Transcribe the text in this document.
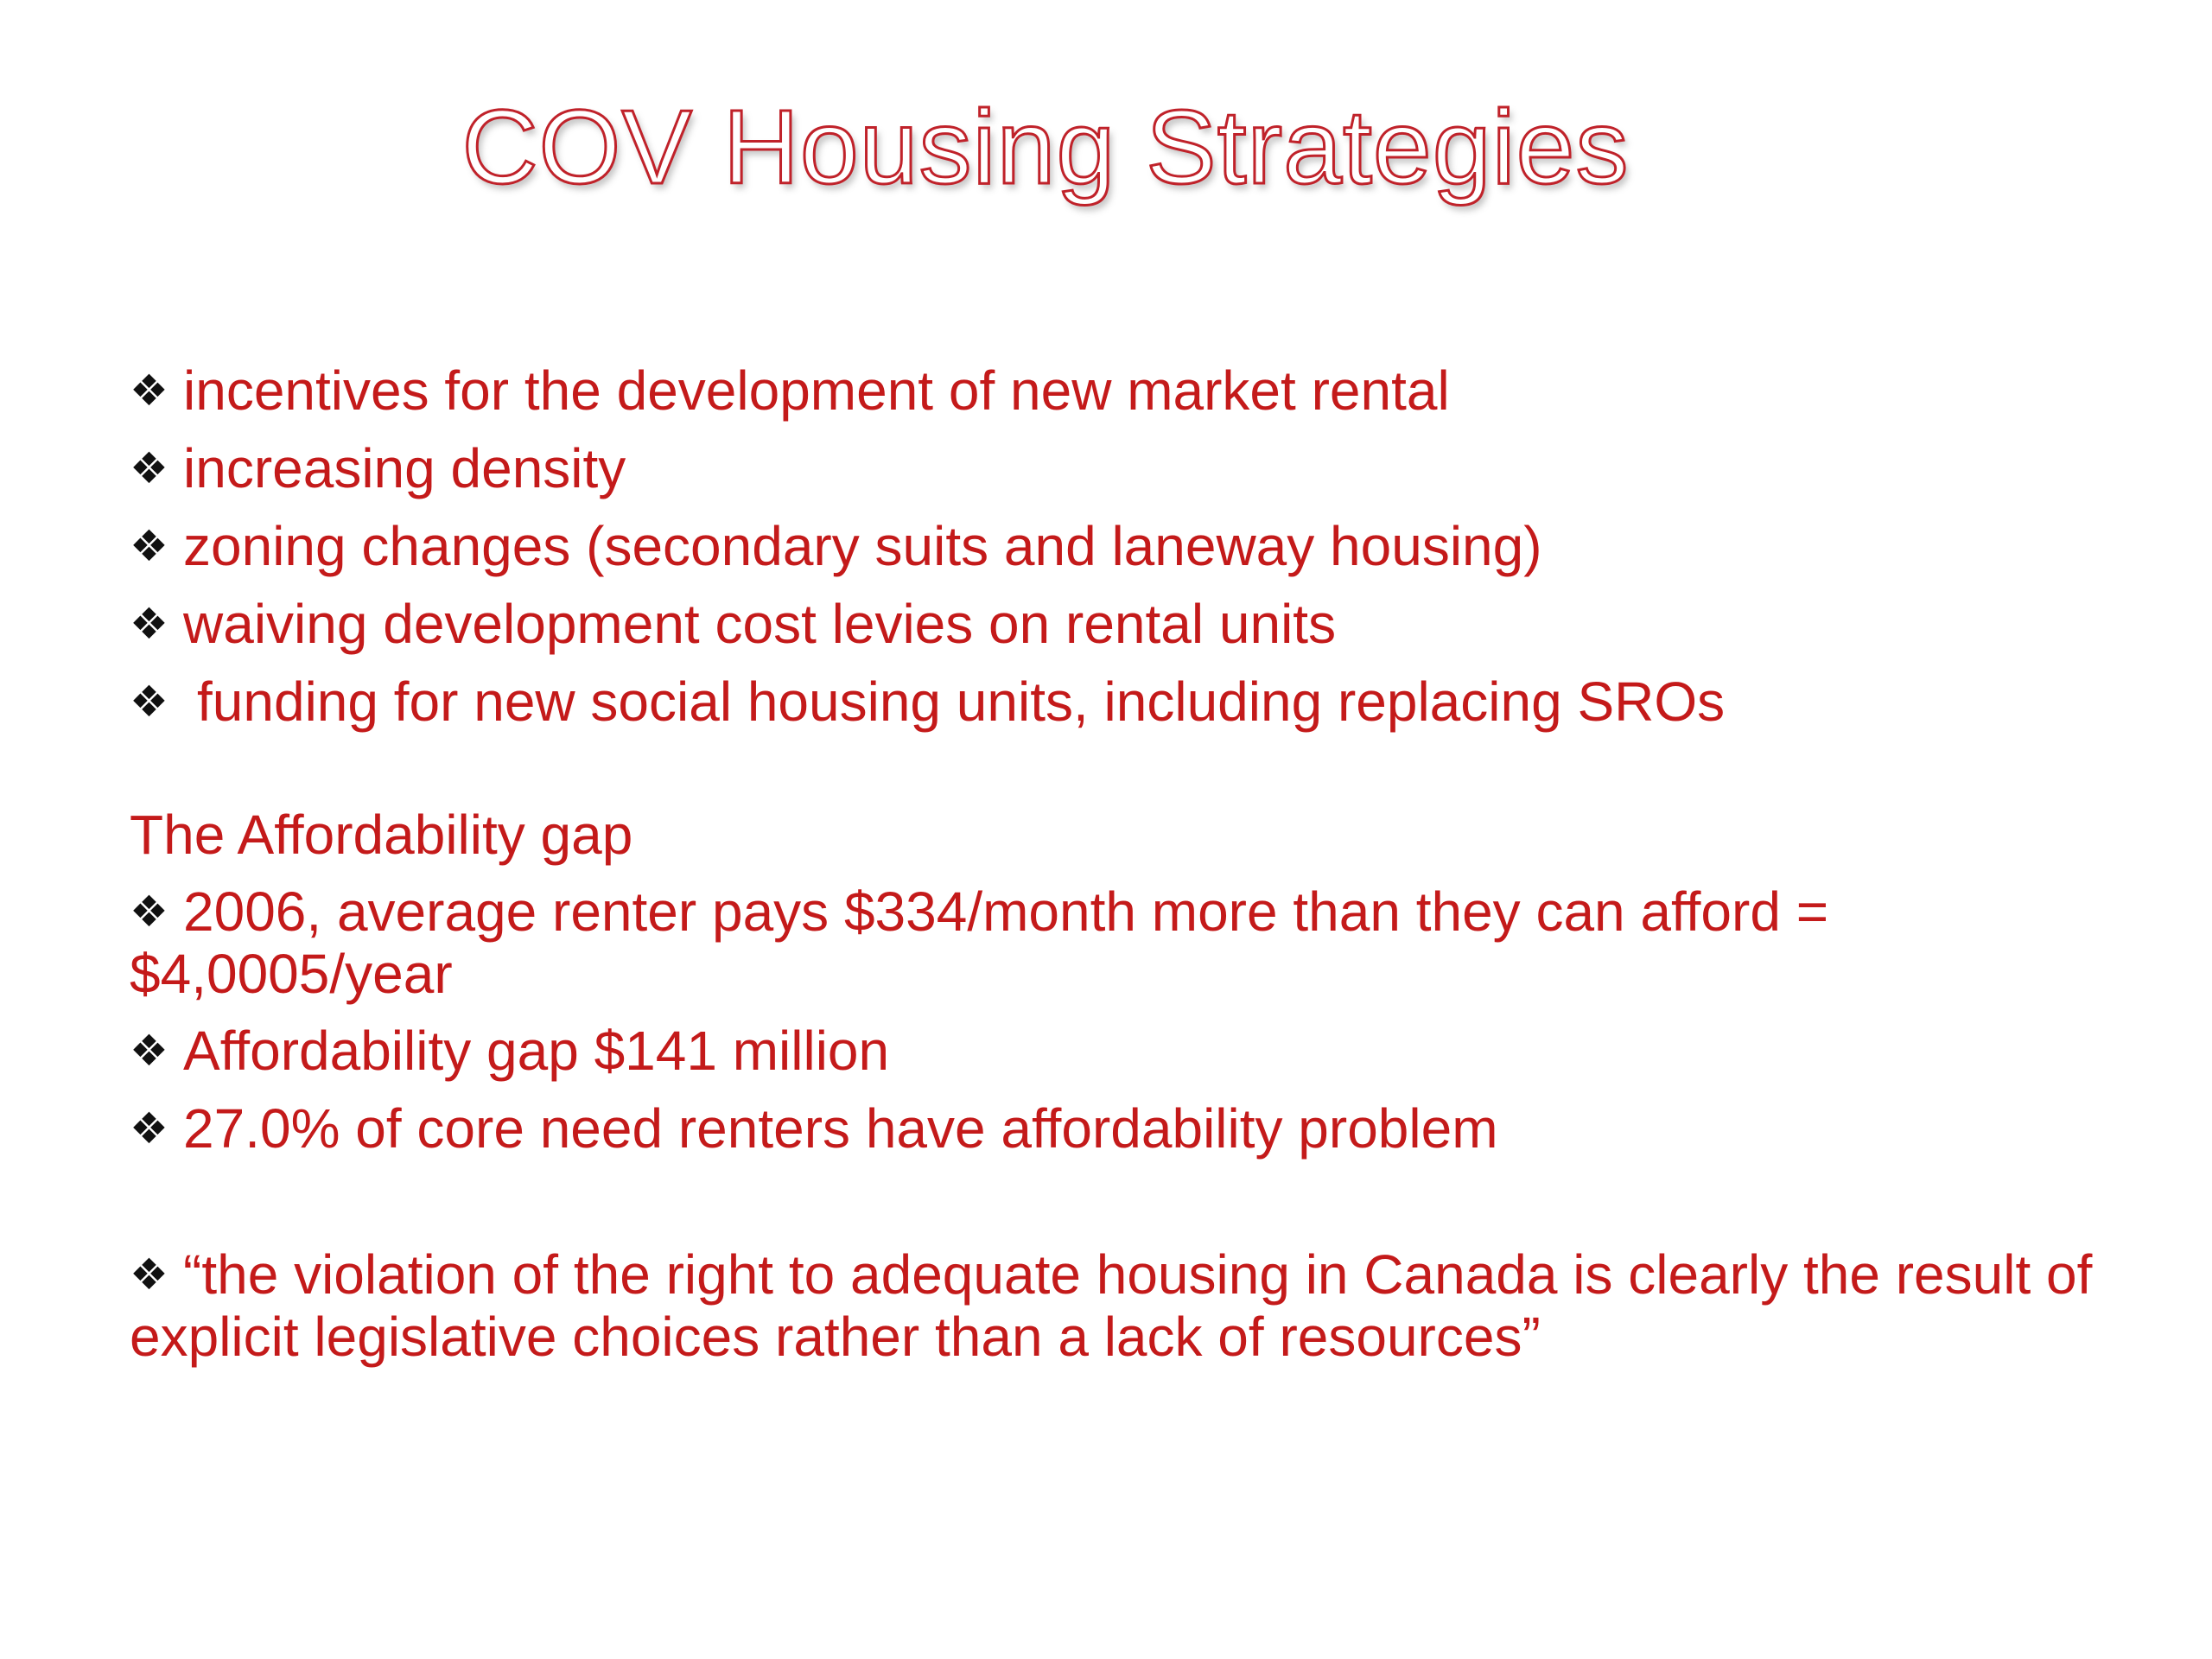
COV Housing Strategies
❖ incentives for the development of new market rental
❖ increasing density
❖ zoning changes (secondary suits and laneway housing)
❖ waiving development cost levies on rental units
❖ funding for new social housing units, including replacing SROs
The Affordability gap
❖ 2006, average renter pays $334/month more than they can afford = $4,0005/year
❖ Affordability gap $141 million
❖ 27.0% of core need renters have affordability problem
❖ “the violation of the right to adequate housing in Canada is clearly the result of explicit legislative choices rather than a lack of resources”
